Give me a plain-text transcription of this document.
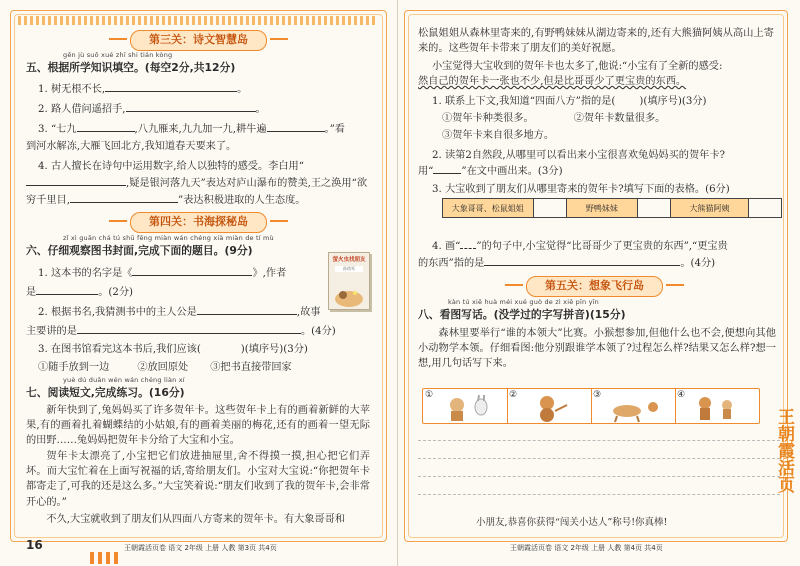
第三关：诗文智慧岛
gēn jù suǒ xué zhī shi tián kòng
五、根据所学知识填空。(每空2分,共12分)
1. 树无根不长,	。
2. 路人借问遥招手,	。
3. “七九	,八九雁来,九九加一九,耕牛遍	。”看
到河水解冻,大雁飞回北方,我知道春天要来了。
4. 古人擅长在诗句中运用数字,给人以独特的感受。李白用“
,疑是银河落九天”表达对庐山瀑布的赞美,王之涣用“欲
穷千里目,	”表达积极进取的人生态度。
第四关：书海探秘岛
zǐ xì guān chá tú shū fēng miàn wán chéng xià miàn de tí mù
六、仔细观察图书封面,完成下面的题目。(9分)
萤火虫找朋友
孙幼军
1. 这本书的名字是《	》,作者
是	。(2分)
2. 根据书名,我猜测书中的主人公是	,故事
主要讲的是	。(4分)
3. 在图书馆看完这本书后,我们应该(	)(填序号)(3分)
①随手放到一边	②放回原处 ③把书直接带回家
yuè dú duǎn wén wán chéng liàn xí
七、阅读短文,完成练习。(16分)
新年快到了,兔妈妈买了许多贺年卡。这些贺年卡上有的画着新鲜的大苹果,有的画着扎着蝴蝶结的小姑娘,有的画着美丽的梅花,还有的画着一望无际的田野……兔妈妈把贺年卡分给了大宝和小宝。
贺年卡太漂亮了,小宝把它们放进抽屉里,舍不得摸一摸,担心把它们弄坏。而大宝忙着在上面写祝福的话,寄给朋友们。小宝对大宝说:“你把贺年卡都寄走了,可我的还是这么多。”大宝笑着说:“朋友们收到了我的贺年卡,会非常开心的。”
不久,大宝就收到了朋友们从四面八方寄来的贺年卡。有大象哥哥和
16	王朝霞活页卷 语文 2年级 上册 人教 第3页 共4页
松鼠姐姐从森林里寄来的,有野鸭妹妹从湖边寄来的,还有大熊猫阿姨从高山上寄来的。这些贺年卡带来了朋友们的美好祝愿。
小宝觉得大宝收到的贺年卡也太多了,他说:“小宝有了全新的感受:
然自己的贺年卡一张也不少,但是比哥哥少了更宝贵的东西。
1. 联系上下文,我知道“四面八方”指的是( )(填序号)(3分)
①贺年卡种类很多。	②贺年卡数量很多。
③贺年卡来自很多地方。
2. 读第2自然段,从哪里可以看出来小宝很喜欢兔妈妈买的贺年卡?
用“	”在文中画出来。(3分)
3. 大宝收到了朋友们从哪里寄来的贺年卡?填写下面的表格。(6分)
大象哥哥、松鼠姐姐		野鸭妹妹		大熊猫阿姨	
4. 画“ ”的句子中,小宝觉得“比哥哥少了更宝贵的东西”,“更宝贵
的东西”指的是	。(4分)
第五关：想象飞行岛
kàn tú xiě huà méi xué guò de zì xiě pīn yīn
八、看图写话。(没学过的字写拼音)(15分)
森林里要举行“谁的本领大”比赛。小猴想参加,但他什么也不会,便想向其他小动物学本领。仔细看图:他分别跟谁学本领了?过程怎么样?结果又怎么样?想一想,用几句话写下来。
①	②	③	④
小朋友,恭喜你获得“闯关小达人”称号!你真棒!
王朝霞活页卷 语文 2年级 上册 人教 第4页 共4页
王朝霞活页
